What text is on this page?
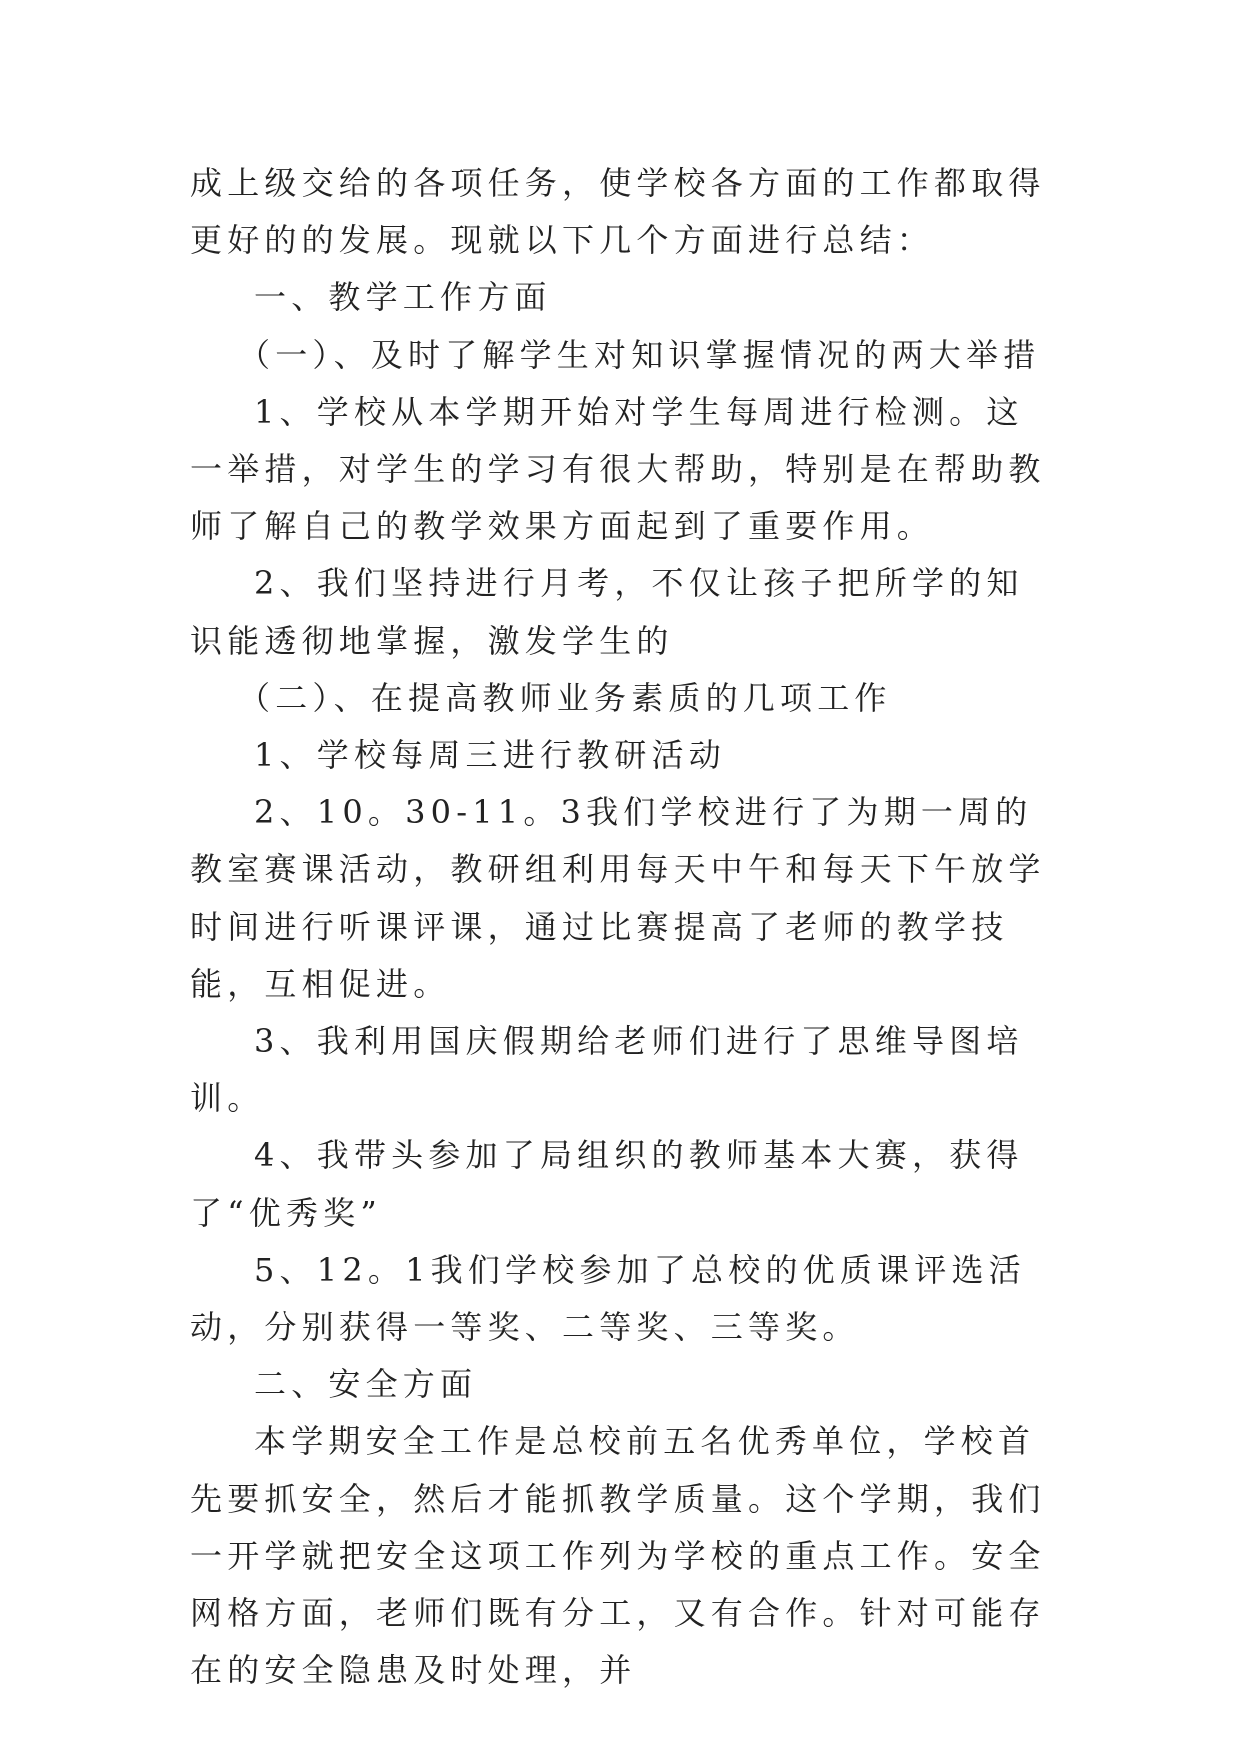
成上级交给的各项任务，使学校各方面的工作都取得更好的的发展。现就以下几个方面进行总结：

一、教学工作方面

（一）、及时了解学生对知识掌握情况的两大举措

1、学校从本学期开始对学生每周进行检测。这一举措，对学生的学习有很大帮助，特别是在帮助教师了解自己的教学效果方面起到了重要作用。

2、我们坚持进行月考，不仅让孩子把所学的知识能透彻地掌握，激发学生的

（二）、在提高教师业务素质的几项工作

1、学校每周三进行教研活动

2、10。30-11。3我们学校进行了为期一周的教室赛课活动，教研组利用每天中午和每天下午放学时间进行听课评课，通过比赛提高了老师的教学技能，互相促进。

3、我利用国庆假期给老师们进行了思维导图培训。

4、我带头参加了局组织的教师基本大赛，获得了“优秀奖”

5、12。1我们学校参加了总校的优质课评选活动，分别获得一等奖、二等奖、三等奖。

二、安全方面

本学期安全工作是总校前五名优秀单位，学校首先要抓安全，然后才能抓教学质量。这个学期，我们一开学就把安全这项工作列为学校的重点工作。安全网格方面，老师们既有分工，又有合作。针对可能存在的安全隐患及时处理，并
